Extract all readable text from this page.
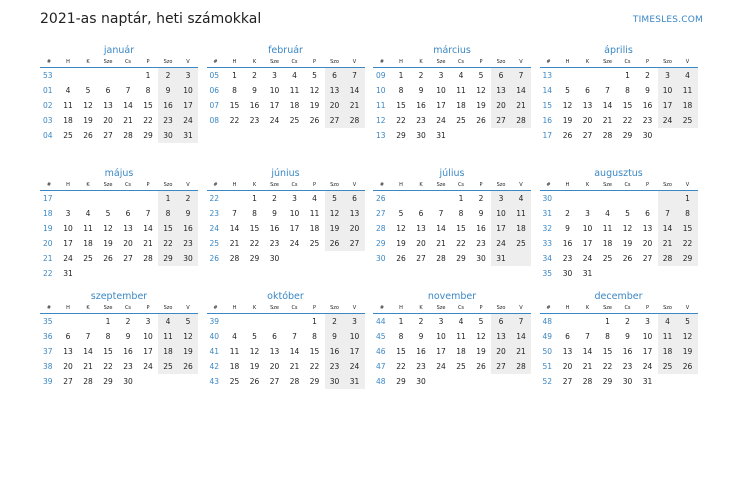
2021-as naptár, heti számokkal	TIMESLES.COM
január
#	H	K	Sze	Cs	P	Szo	V
53					1	2	3
01	4	5	6	7	8	9	10
02	11	12	13	14	15	16	17
03	18	19	20	21	22	23	24
04	25	26	27	28	29	30	31
február
#	H	K	Sze	Cs	P	Szo	V
05	1	2	3	4	5	6	7
06	8	9	10	11	12	13	14
07	15	16	17	18	19	20	21
08	22	23	24	25	26	27	28
március
#	H	K	Sze	Cs	P	Szo	V
09	1	2	3	4	5	6	7
10	8	9	10	11	12	13	14
11	15	16	17	18	19	20	21
12	22	23	24	25	26	27	28
13	29	30	31				
április
#	H	K	Sze	Cs	P	Szo	V
13				1	2	3	4
14	5	6	7	8	9	10	11
15	12	13	14	15	16	17	18
16	19	20	21	22	23	24	25
17	26	27	28	29	30		
május
#	H	K	Sze	Cs	P	Szo	V
17						1	2
18	3	4	5	6	7	8	9
19	10	11	12	13	14	15	16
20	17	18	19	20	21	22	23
21	24	25	26	27	28	29	30
22	31						
június
#	H	K	Sze	Cs	P	Szo	V
22		1	2	3	4	5	6
23	7	8	9	10	11	12	13
24	14	15	16	17	18	19	20
25	21	22	23	24	25	26	27
26	28	29	30				
július
#	H	K	Sze	Cs	P	Szo	V
26				1	2	3	4
27	5	6	7	8	9	10	11
28	12	13	14	15	16	17	18
29	19	20	21	22	23	24	25
30	26	27	28	29	30	31	
augusztus
#	H	K	Sze	Cs	P	Szo	V
30							1
31	2	3	4	5	6	7	8
32	9	10	11	12	13	14	15
33	16	17	18	19	20	21	22
34	23	24	25	26	27	28	29
35	30	31					
szeptember
#	H	K	Sze	Cs	P	Szo	V
35			1	2	3	4	5
36	6	7	8	9	10	11	12
37	13	14	15	16	17	18	19
38	20	21	22	23	24	25	26
39	27	28	29	30			
október
#	H	K	Sze	Cs	P	Szo	V
39					1	2	3
40	4	5	6	7	8	9	10
41	11	12	13	14	15	16	17
42	18	19	20	21	22	23	24
43	25	26	27	28	29	30	31
november
#	H	K	Sze	Cs	P	Szo	V
44	1	2	3	4	5	6	7
45	8	9	10	11	12	13	14
46	15	16	17	18	19	20	21
47	22	23	24	25	26	27	28
48	29	30					
december
#	H	K	Sze	Cs	P	Szo	V
48			1	2	3	4	5
49	6	7	8	9	10	11	12
50	13	14	15	16	17	18	19
51	20	21	22	23	24	25	26
52	27	28	29	30	31		
